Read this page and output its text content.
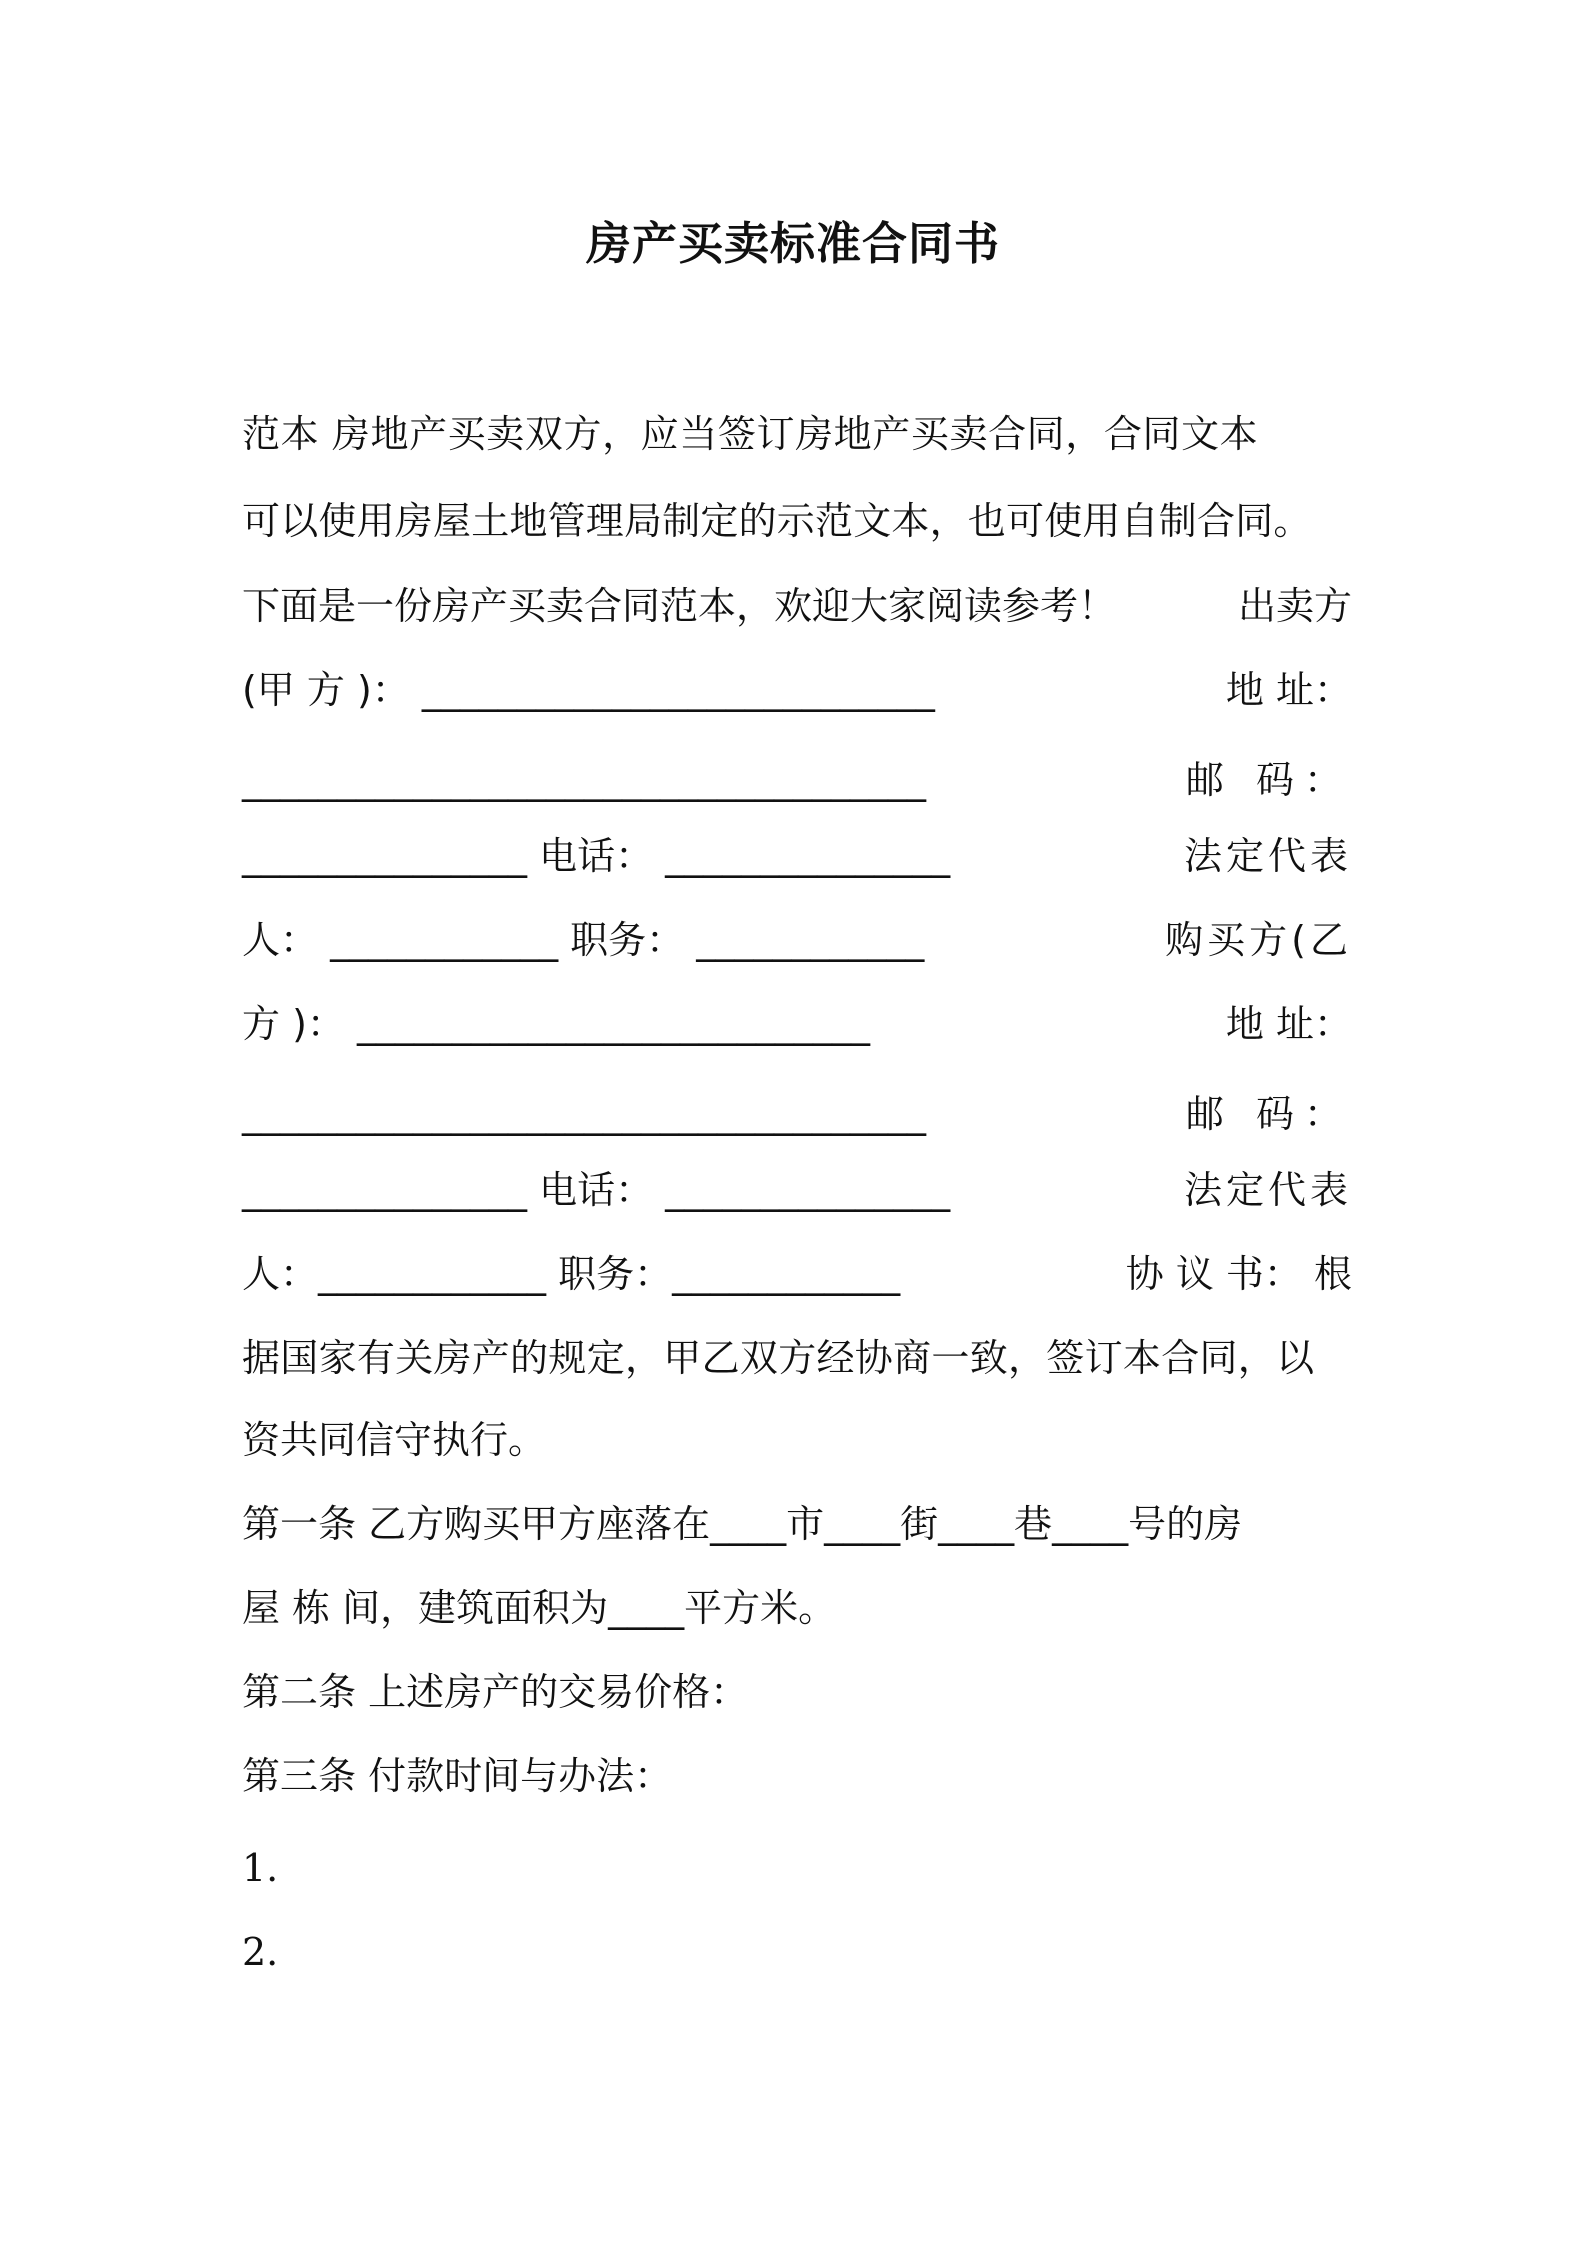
房产买卖标准合同书
范本 房地产买卖双方，应当签订房地产买卖合同，合同文本
可以使用房屋土地管理局制定的示范文本，也可使用自制合同。
下面是一份房产买卖合同范本，欢迎大家阅读参考！	出卖方
(甲 方 )： ___________________________	地 址：
____________________________________	邮 码：
_______________ 电话： _______________	法定代表
人： ____________ 职务： ____________	购买方(乙
方 )： ___________________________	地 址：
____________________________________	邮 码：
_______________ 电话： _______________	法定代表
人：____________ 职务：____________	协 议 书： 根
据国家有关房产的规定，甲乙双方经协商一致，签订本合同，以
资共同信守执行。
第一条 乙方购买甲方座落在____市____街____巷____号的房
屋 栋 间，建筑面积为____平方米。
第二条 上述房产的交易价格：
第三条 付款时间与办法：
1.
2.
